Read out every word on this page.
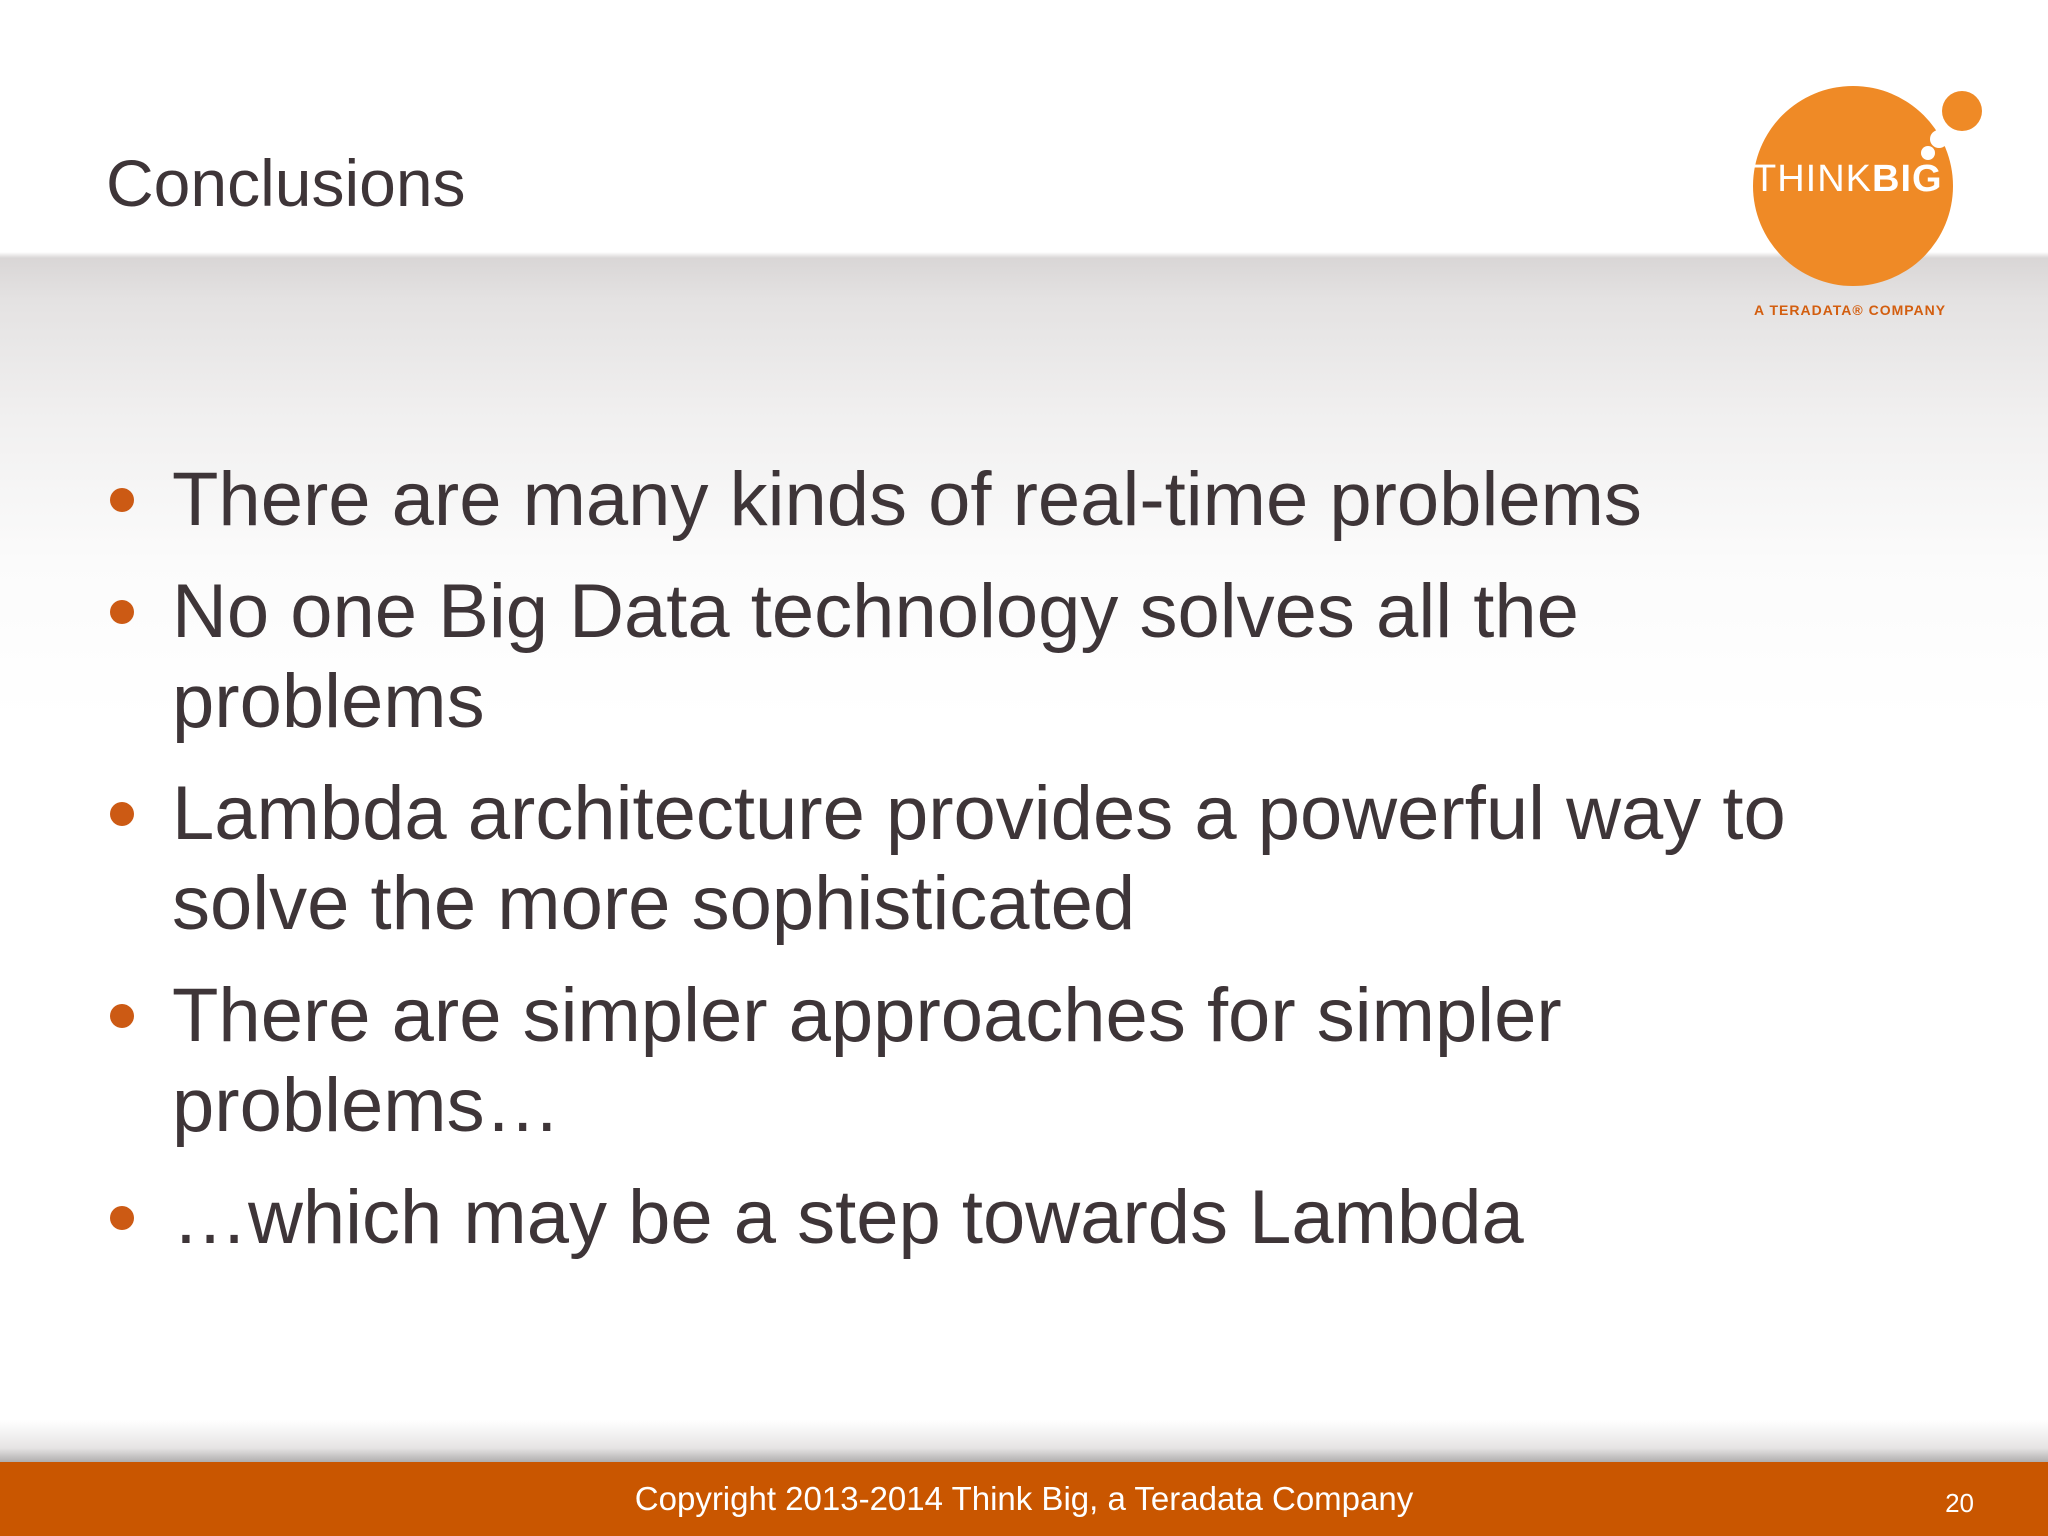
Conclusions	THINKBIG
A TERADATA® COMPANY
There are many kinds of real-time problems
No one Big Data technology solves all the problems
Lambda architecture provides a powerful way to solve the more sophisticated
There are simpler approaches for simpler problems…
…which may be a step towards Lambda
Copyright 2013-2014 Think Big, a Teradata Company	20
